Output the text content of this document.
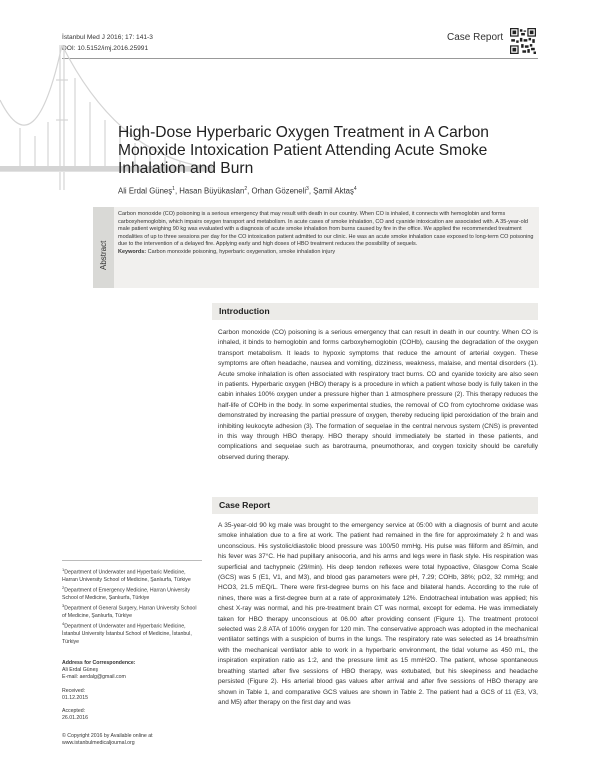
İstanbul Med J 2016; 17: 141-3
DOI: 10.5152/imj.2016.25991
Case Report
High-Dose Hyperbaric Oxygen Treatment in A Carbon Monoxide Intoxication Patient Attending Acute Smoke Inhalation and Burn
Ali Erdal Güneş$^1$, Hasan Büyükaslan$^2$, Orhan Gözeneli$^3$, Şamil Aktaş$^4$
Abstract
Carbon monoxide (CO) poisoning is a serious emergency that may result with death in our country. When CO is inhaled, it connects with hemoglobin and forms carboxyhemoglobin, which impairs oxygen transport and metabolism. In acute cases of smoke inhalation, CO and cyanide intoxication are associated with. A 35-year-old male patient weighing 90 kg was evaluated with a diagnosis of acute smoke inhalation from burns caused by fire in the office. We applied the recommended treatment modalities of up to three sessions per day for the CO intoxication patient admitted to our clinic. He was an acute smoke inhalation case exposed to long-term CO poisoning due to the intervention of a delayed fire. Applying early and high doses of HBO treatment reduces the possibility of sequels.
Keywords: Carbon monoxide poisoning, hyperbaric oxygenation, smoke inhalation injury
Introduction
Carbon monoxide (CO) poisoning is a serious emergency that can result in death in our country. When CO is inhaled, it binds to hemoglobin and forms carboxyhemoglobin (COHb), causing the degradation of the oxygen transport metabolism. It leads to hypoxic symptoms that reduce the amount of arterial oxygen. These symptoms are often headache, nausea and vomiting, dizziness, weakness, malaise, and mental disorders (1). Acute smoke inhalation is often associated with respiratory tract burns. CO and cyanide toxicity are also seen in patients. Hyperbaric oxygen (HBO) therapy is a procedure in which a patient whose body is fully taken in the cabin inhales 100% oxygen under a pressure higher than 1 atmosphere pressure (2). This therapy reduces the half-life of COHb in the body. In some experimental studies, the removal of CO from cytochrome oxidase was demonstrated by increasing the partial pressure of oxygen, thereby reducing lipid peroxidation of the brain and inhibiting leukocyte adhesion (3). The formation of sequelae in the central nervous system (CNS) is prevented in this way through HBO therapy. HBO therapy should immediately be started in these patients, and complications and sequelae such as barotrauma, pneumothorax, and oxygen toxicity should be carefully observed during therapy.
Case Report
A 35-year-old 90 kg male was brought to the emergency service at 05:00 with a diagnosis of burnt and acute smoke inhalation due to a fire at work. The patient had remained in the fire for approximately 2 h and was unconscious. His systolic/diastolic blood pressure was 100/50 mmHg. His pulse was filiform and 85/min, and his fever was 37°C. He had pupillary anisocoria, and his arms and legs were in flask style. His respiration was superficial and tachypneic (29/min). His deep tendon reflexes were total hypoactive, Glasgow Coma Scale (GCS) was 5 (E1, V1, and M3), and blood gas parameters were pH, 7.29; COHb, 38%; pO2, 32 mmHg; and HCO3, 21.5 mEQ/L. There were first-degree burns on his face and bilateral hands. According to the rule of nines, there was a first-degree burn at a rate of approximately 12%. Endotracheal intubation was applied; his chest X-ray was normal, and his pre-treatment brain CT was normal, except for edema. He was immediately taken for HBO therapy unconscious at 06.00 after providing consent (Figure 1). The treatment protocol selected was 2.8 ATA of 100% oxygen for 120 min. The conservative approach was adopted in the mechanical ventilator settings with a suspicion of burns in the lungs. The respiratory rate was selected as 14 breaths/min with the mechanical ventilator able to work in a hyperbaric environment, the tidal volume as 450 mL, the inspiration expiration ratio as 1:2, and the pressure limit as 15 mmH2O. The patient, whose spontaneous breathing started after five sessions of HBO therapy, was extubated, but his sleepiness and headache persisted (Figure 2). His arterial blood gas values after arrival and after five sessions of HBO therapy are shown in Table 1, and comparative GCS values are shown in Table 2. The patient had a GCS of 11 (E3, V3, and M5) after therapy on the first day and was
$^1$Department of Underwater and Hyperbaric Medicine, Harran University School of Medicine, Şanlıurfa, Türkiye
$^2$Department of Emergency Medicine, Harran University School of Medicine, Şanlıurfa, Türkiye
$^3$Department of General Surgery, Harran University School of Medicine, Şanlıurfa, Türkiye
$^4$Department of Underwater and Hyperbaric Medicine, İstanbul University İstanbul School of Medicine, İstanbul, Türkiye
Address for Correspondence:
Ali Erdal Güneş
E-mail: aerdalg@gmail.com
Received:
01.12.2015
Accepted:
26.01.2016
© Copyright 2016 by Available online at
www.istanbulmedicaljournal.org
